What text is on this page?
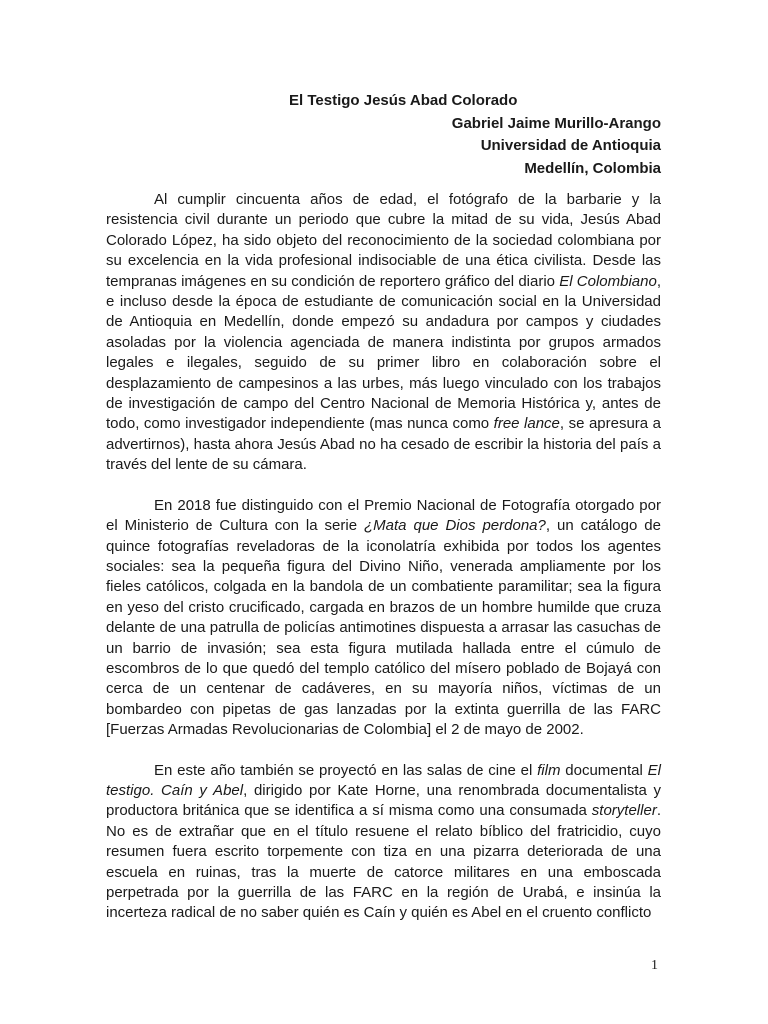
El Testigo Jesús Abad Colorado
Gabriel Jaime Murillo-Arango
Universidad de Antioquia
Medellín, Colombia

Al cumplir cincuenta años de edad, el fotógrafo de la barbarie y la resistencia civil durante un periodo que cubre la mitad de su vida, Jesús Abad Colorado López, ha sido objeto del reconocimiento de la sociedad colombiana por su excelencia en la vida profesional indisociable de una ética civilista. Desde las tempranas imágenes en su condición de reportero gráfico del diario El Colombiano, e incluso desde la época de estudiante de comunicación social en la Universidad de Antioquia en Medellín, donde empezó su andadura por campos y ciudades asoladas por la violencia agenciada de manera indistinta por grupos armados legales e ilegales, seguido de su primer libro en colaboración sobre el desplazamiento de campesinos a las urbes, más luego vinculado con los trabajos de investigación de campo del Centro Nacional de Memoria Histórica y, antes de todo, como investigador independiente (mas nunca como free lance, se apresura a advertirnos), hasta ahora Jesús Abad no ha cesado de escribir la historia del país a través del lente de su cámara.

En 2018 fue distinguido con el Premio Nacional de Fotografía otorgado por el Ministerio de Cultura con la serie ¿Mata que Dios perdona?, un catálogo de quince fotografías reveladoras de la iconolatría exhibida por todos los agentes sociales: sea la pequeña figura del Divino Niño, venerada ampliamente por los fieles católicos, colgada en la bandola de un combatiente paramilitar; sea la figura en yeso del cristo crucificado, cargada en brazos de un hombre humilde que cruza delante de una patrulla de policías antimotines dispuesta a arrasar las casuchas de un barrio de invasión; sea esta figura mutilada hallada entre el cúmulo de escombros de lo que quedó del templo católico del mísero poblado de Bojayá con cerca de un centenar de cadáveres, en su mayoría niños, víctimas de un bombardeo con pipetas de gas lanzadas por la extinta guerrilla de las FARC [Fuerzas Armadas Revolucionarias de Colombia] el 2 de mayo de 2002.

En este año también se proyectó en las salas de cine el film documental El testigo. Caín y Abel, dirigido por Kate Horne, una renombrada documentalista y productora británica que se identifica a sí misma como una consumada storyteller. No es de extrañar que en el título resuene el relato bíblico del fratricidio, cuyo resumen fuera escrito torpemente con tiza en una pizarra deteriorada de una escuela en ruinas, tras la muerte de catorce militares en una emboscada perpetrada por la guerrilla de las FARC en la región de Urabá, e insinúa la incerteza radical de no saber quién es Caín y quién es Abel en el cruento conflicto

1
